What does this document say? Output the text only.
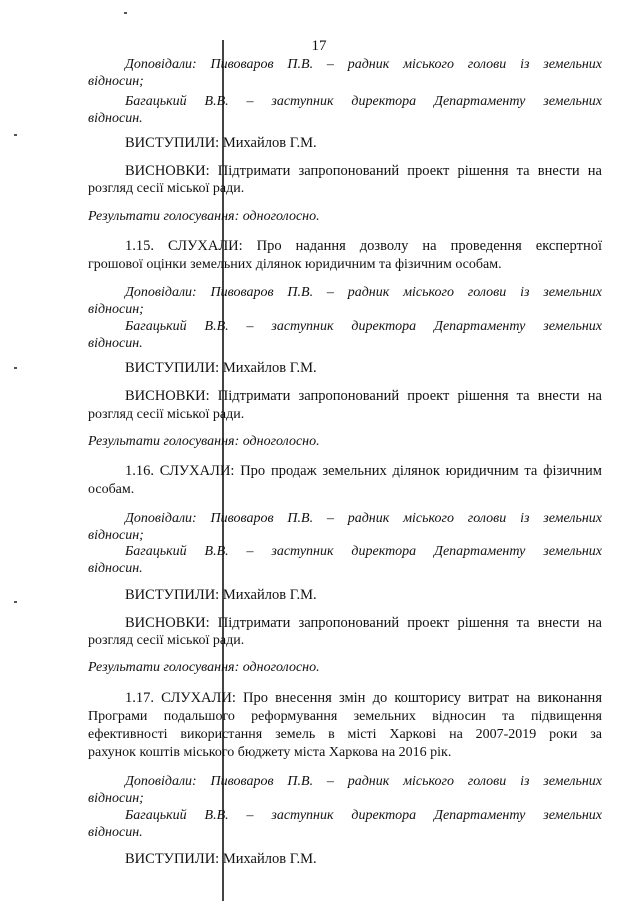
17
Доповідали: Пивоваров П.В. – радник міського голови із земельних
відносин;
Багацький В.В. – заступник директора Департаменту земельних
відносин.
ВИСТУПИЛИ: Михайлов Г.М.
ВИСНОВКИ: Підтримати запропонований проект рішення та внести на
розгляд сесії міської ради.
Результати голосування: одноголосно.
1.15. СЛУХАЛИ: Про надання дозволу на проведення експертної
грошової оцінки земельних ділянок юридичним та фізичним особам.
Доповідали: Пивоваров П.В. – радник міського голови із земельних
відносин;
Багацький В.В. – заступник директора Департаменту земельних
відносин.
ВИСТУПИЛИ: Михайлов Г.М.
ВИСНОВКИ: Підтримати запропонований проект рішення та внести на
розгляд сесії міської ради.
Результати голосування: одноголосно.
1.16. СЛУХАЛИ: Про продаж земельних ділянок юридичним та фізичним
особам.
Доповідали: Пивоваров П.В. – радник міського голови із земельних
відносин;
Багацький В.В. – заступник директора Департаменту земельних
відносин.
ВИСТУПИЛИ: Михайлов Г.М.
ВИСНОВКИ: Підтримати запропонований проект рішення та внести на
розгляд сесії міської ради.
Результати голосування: одноголосно.
1.17. СЛУХАЛИ: Про внесення змін до кошторису витрат на виконання
Програми подальшого реформування земельних відносин та підвищення
ефективності використання земель в місті Харкові на 2007-2019 роки за
рахунок коштів міського бюджету міста Харкова на 2016 рік.
Доповідали: Пивоваров П.В. – радник міського голови із земельних
відносин;
Багацький В.В. – заступник директора Департаменту земельних
відносин.
ВИСТУПИЛИ: Михайлов Г.М.
